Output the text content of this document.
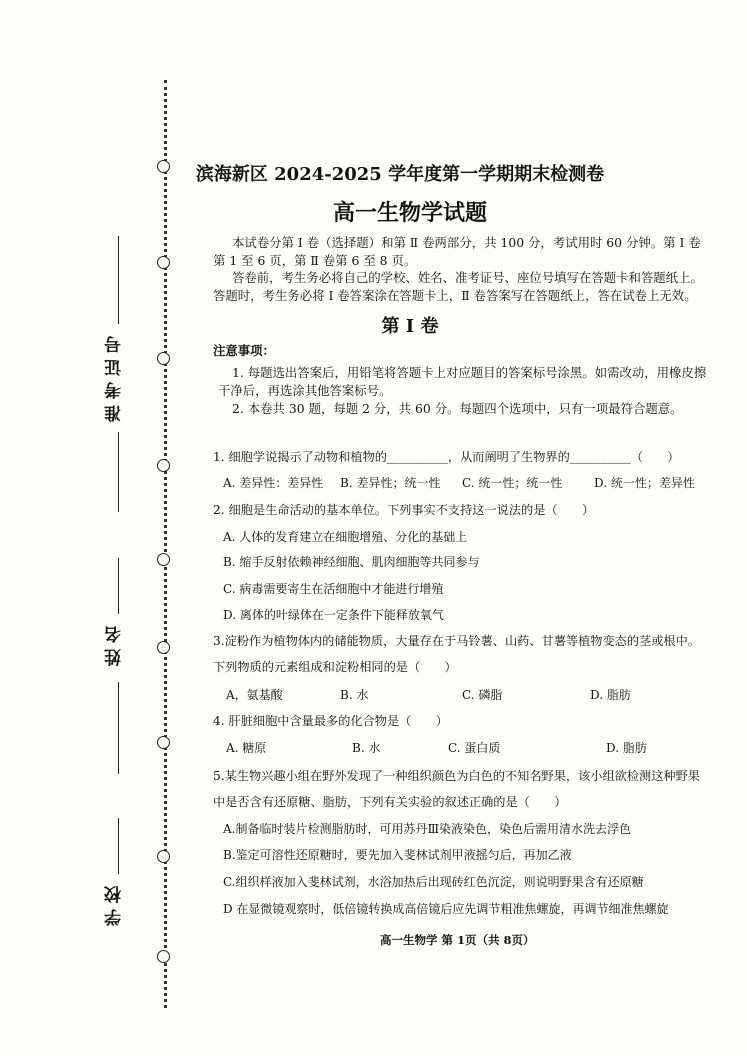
准考证号
姓名
学校
滨海新区 2024-2025 学年度第一学期期末检测卷
高一生物学试题
本试卷分第 Ⅰ 卷（选择题）和第 Ⅱ 卷两部分，共 100 分，考试用时 60 分钟。第 Ⅰ 卷
第 1 至 6 页，第 Ⅱ 卷第 6 至 8 页。
答卷前，考生务必将自己的学校、姓名、准考证号、座位号填写在答题卡和答题纸上。
答题时，考生务必将 Ⅰ 卷答案涂在答题卡上，Ⅱ 卷答案写在答题纸上，答在试卷上无效。
第 Ⅰ 卷
注意事项：
1. 每题选出答案后，用铅笔将答题卡上对应题目的答案标号涂黑。如需改动，用橡皮擦
干净后，再选涂其他答案标号。
2. 本卷共 30 题，每题 2 分，共 60 分。每题四个选项中，只有一项最符合题意。
1. 细胞学说揭示了动物和植物的__________，从而阐明了生物界的__________（　　）
A. 差异性：差异性 B. 差异性；统一性 C. 统一性；统一性	D. 统一性；差异性
2. 细胞是生命活动的基本单位。下列事实不支持这一说法的是（　　）
A. 人体的发育建立在细胞增殖、分化的基础上
B. 缩手反射依赖神经细胞、肌肉细胞等共同参与
C. 病毒需要寄生在活细胞中才能进行增殖
D. 离体的叶绿体在一定条件下能释放氧气
3.淀粉作为植物体内的储能物质，大量存在于马铃薯、山药、甘薯等植物变态的茎或根中。
下列物质的元素组成和淀粉相同的是（　　）
A，氨基酸	B. 水	C. 磷脂	D. 脂肪
4. 肝脏细胞中含量最多的化合物是（　　）
A. 糖原	B. 水	C. 蛋白质	D. 脂肪
5.某生物兴趣小组在野外发现了一种组织颜色为白色的不知名野果，该小组欲检测这种野果
中是否含有还原糖、脂肪，下列有关实验的叙述正确的是（　　）
A.制备临时装片检测脂肪时，可用苏丹Ⅲ染液染色，染色后需用清水洗去浮色
B.鉴定可溶性还原糖时，要先加入斐林试剂甲液摇匀后，再加乙液
C.组织样液加入斐林试剂，水浴加热后出现砖红色沉淀，则说明野果含有还原糖
D 在显微镜观察时，低倍镜转换成高倍镜后应先调节粗准焦螺旋，再调节细准焦螺旋
高一生物学 第 1页（共 8页）
